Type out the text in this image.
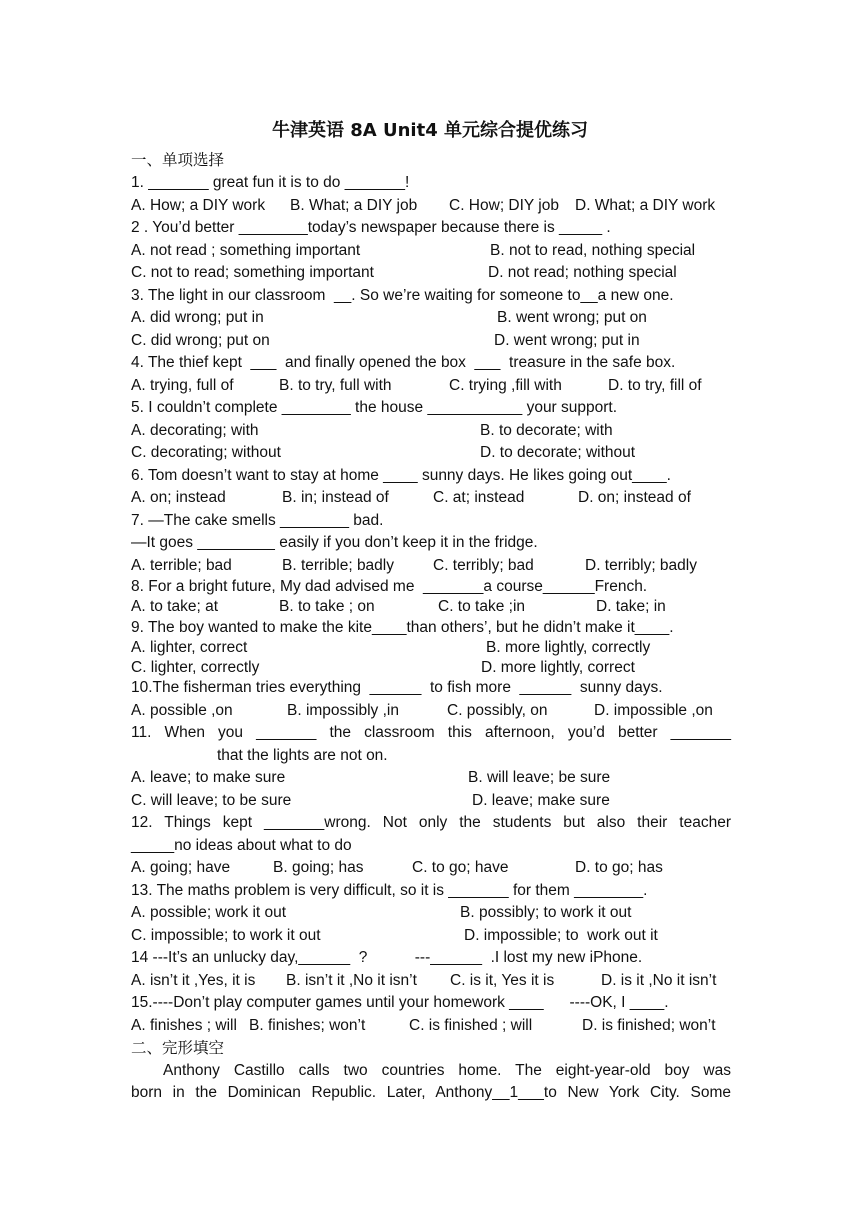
牛津英语 8A Unit4 单元综合提优练习
一、单项选择
1. _______ great fun it is to do _______!
A. How; a DIY work B. What; a DIY job C. How; DIY job D. What; a DIY work
2 . You’d better ________today’s newspaper because there is _____ .
A. not read ; something important	B. not to read, nothing special
C. not to read; something important	D. not read; nothing special
3. The light in our classroom  __. So we’re waiting for someone to__a new one.
A. did wrong; put in	B. went wrong; put on
C. did wrong; put on	D. went wrong; put in
4. The thief kept  ___  and finally opened the box  ___  treasure in the safe box.
A. trying, full of	B. to try, full with	C. trying ,fill with	D. to try, fill of
5. I couldn’t complete ________ the house ___________ your support.
A. decorating; with	B. to decorate; with
C. decorating; without	D. to decorate; without
6. Tom doesn’t want to stay at home ____ sunny days. He likes going out____.
A. on; instead	B. in; instead of	C. at; instead	D. on; instead of
7. —The cake smells ________ bad.
—It goes _________ easily if you don’t keep it in the fridge.
A. terrible; bad	B. terrible; badly	C. terribly; bad	D. terribly; badly
8. For a bright future, My dad advised me  _______a course______French.
A. to take; at	B. to take ; on	C. to take ;in	D. take; in
9. The boy wanted to make the kite____than others’, but he didn’t make it____.
A. lighter, correct	B. more lightly, correctly
C. lighter, correctly	D. more lightly, correct
10.The fisherman tries everything  ______  to fish more  ______  sunny days.
A. possible ,on	B. impossibly ,in	C. possibly, on	D. impossible ,on
11. When you _______ the classroom this afternoon, you’d better _______
that the lights are not on.
A. leave; to make sure	B. will leave; be sure
C. will leave; to be sure	D. leave; make sure
12. Things kept _______wrong. Not only the students but also their teacher
_____no ideas about what to do
A. going; have	B. going; has	C. to go; have	D. to go; has
13. The maths problem is very difficult, so it is _______ for them ________.
A. possible; work it out	B. possibly; to work it out
C. impossible; to work it out	D. impossible; to  work out it
14 ---It’s an unlucky day,______  ?           ---______  .I lost my new iPhone.
A. isn’t it ,Yes, it is B. isn’t it ,No it isn’t C. is it, Yes it is	D. is it ,No it isn’t
15.----Don’t play computer games until your homework ____      ----OK, I ____.
A. finishes ; will B. finishes; won’t	C. is finished ; will	D. is finished; won’t
二、完形填空
Anthony Castillo calls two countries home. The eight-year-old boy was
born in the Dominican Republic. Later, Anthony__1___to New York City. Some
